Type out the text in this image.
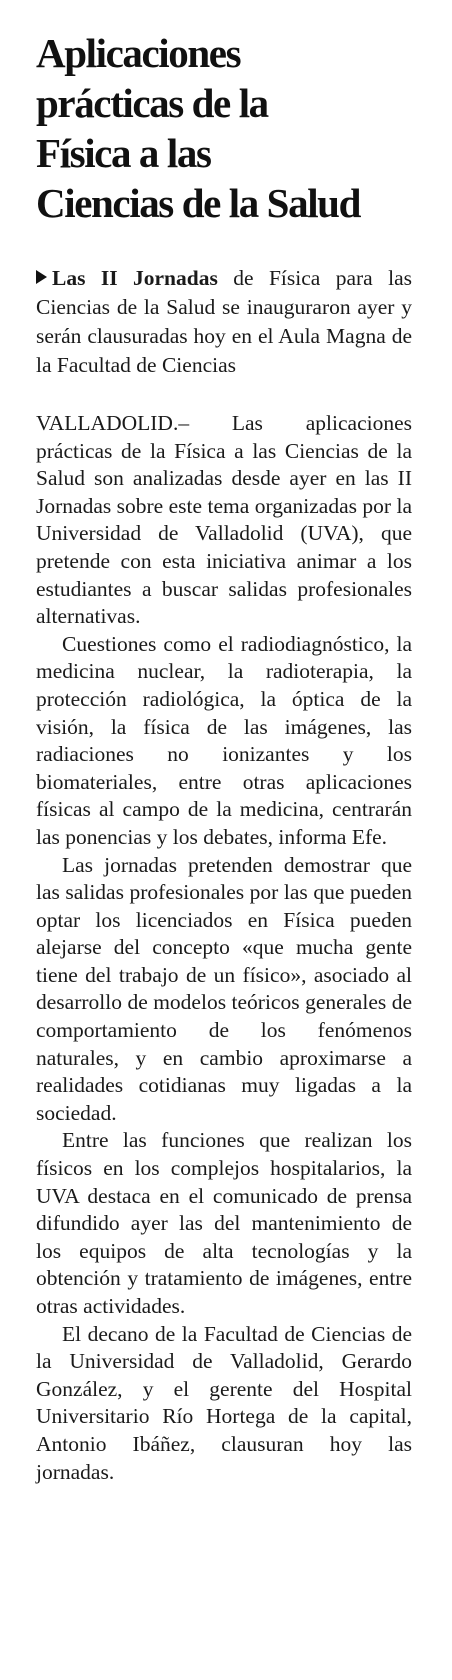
Aplicaciones
prácticas de la
Física a las
Ciencias de la Salud

Las II Jornadas de Física para las Ciencias de la Salud se inauguraron ayer y serán clausuradas hoy en el Aula Magna de la Facultad de Ciencias

VALLADOLID.– Las aplicaciones prácticas de la Física a las Ciencias de la Salud son analizadas desde ayer en las II Jornadas sobre este tema organizadas por la Universidad de Valladolid (UVA), que pretende con esta iniciativa animar a los estudiantes a buscar salidas profesionales alternativas.

Cuestiones como el radiodiagnóstico, la medicina nuclear, la radioterapia, la protección radiológica, la óptica de la visión, la física de las imágenes, las radiaciones no ionizantes y los biomateriales, entre otras aplicaciones físicas al campo de la medicina, centrarán las ponencias y los debates, informa Efe.

Las jornadas pretenden demostrar que las salidas profesionales por las que pueden optar los licenciados en Física pueden alejarse del concepto «que mucha gente tiene del trabajo de un físico», asociado al desarrollo de modelos teóricos generales de comportamiento de los fenómenos naturales, y en cambio aproximarse a realidades cotidianas muy ligadas a la sociedad.

Entre las funciones que realizan los físicos en los complejos hospitalarios, la UVA destaca en el comunicado de prensa difundido ayer las del mantenimiento de los equipos de alta tecnologías y la obtención y tratamiento de imágenes, entre otras actividades.

El decano de la Facultad de Ciencias de la Universidad de Valladolid, Gerardo González, y el gerente del Hospital Universitario Río Hortega de la capital, Antonio Ibáñez, clausuran hoy las jornadas.
